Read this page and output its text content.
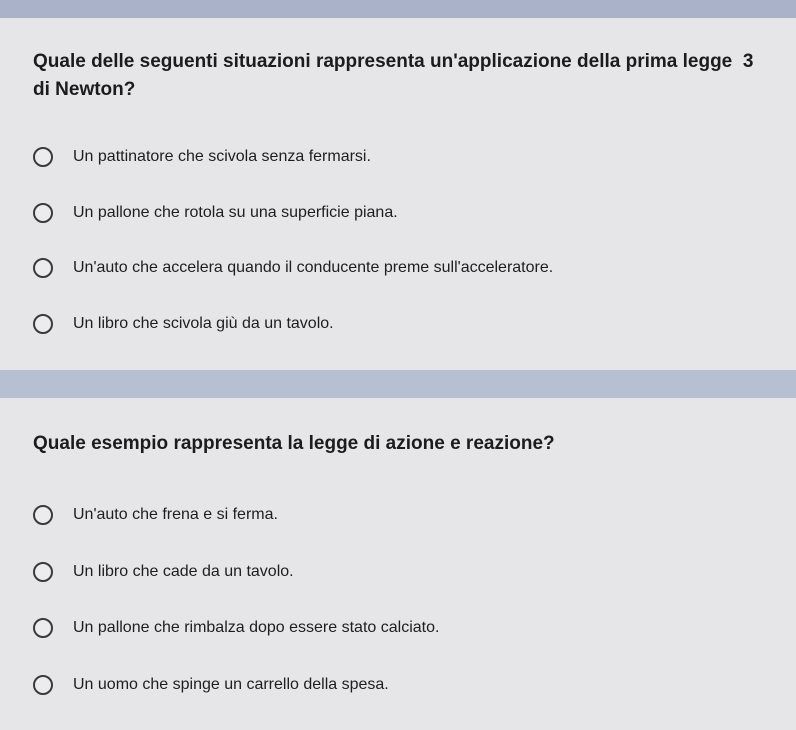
Quale delle seguenti situazioni rappresenta un'applicazione della prima legge 3
di Newton?

Un pattinatore che scivola senza fermarsi.
Un pallone che rotola su una superficie piana.
Un'auto che accelera quando il conducente preme sull'acceleratore.
Un libro che scivola giù da un tavolo.

Quale esempio rappresenta la legge di azione e reazione?

Un'auto che frena e si ferma.
Un libro che cade da un tavolo.
Un pallone che rimbalza dopo essere stato calciato.
Un uomo che spinge un carrello della spesa.
